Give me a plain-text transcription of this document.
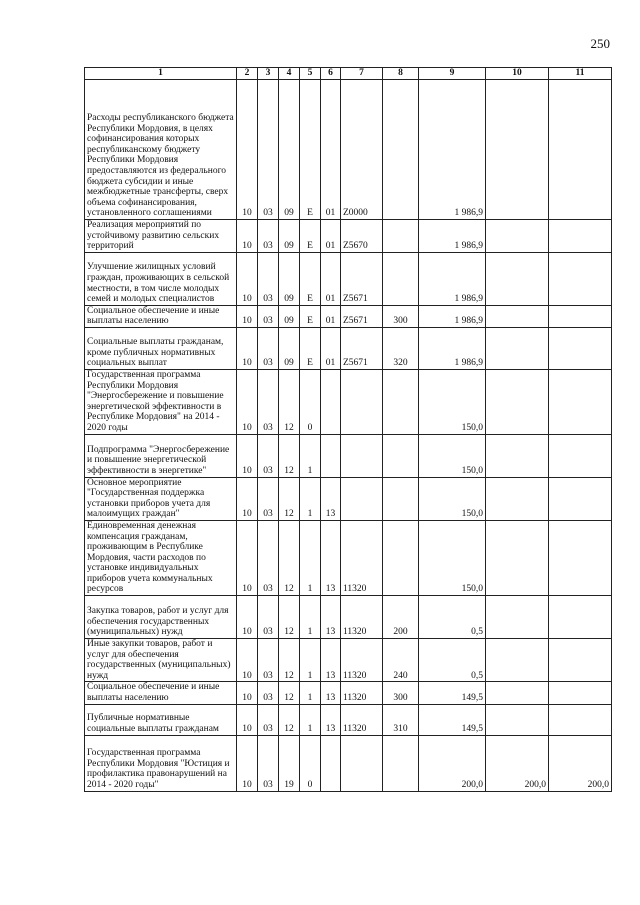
250
1	2	3	4	5	6	7	8	9	10	11
Расходы республиканского бюджета Республики Мордовия, в целях софинансирования которых республиканскому бюджету Республики Мордовия предоставляются из федерального бюджета субсидии и иные межбюджетные трансферты, сверх объема софинансирования, установленного соглашениями	10	03	09	Е	01	Z0000		1 986,9		
Реализация мероприятий по устойчивому развитию сельских территорий	10	03	09	Е	01	Z5670		1 986,9		
Улучшение жилищных условий граждан, проживающих в сельской местности, в том числе молодых семей и молодых специалистов	10	03	09	Е	01	Z5671		1 986,9		
Социальное обеспечение и иные выплаты населению	10	03	09	Е	01	Z5671	300	1 986,9		
Социальные выплаты гражданам, кроме публичных нормативных социальных выплат	10	03	09	Е	01	Z5671	320	1 986,9		
Государственная программа Республики Мордовия "Энергосбережение и повышение энергетической эффективности в Республике Мордовия" на 2014 - 2020 годы	10	03	12	0				150,0		
Подпрограмма "Энергосбережение и повышение энергетической эффективности в энергетике"	10	03	12	1				150,0		
Основное мероприятие "Государственная поддержка установки приборов учета для малоимущих граждан"	10	03	12	1	13			150,0		
Единовременная денежная компенсация гражданам, проживающим в Республике Мордовия, части расходов по установке индивидуальных приборов учета коммунальных ресурсов	10	03	12	1	13	11320		150,0		
Закупка товаров, работ и услуг для обеспечения государственных (муниципальных) нужд	10	03	12	1	13	11320	200	0,5		
Иные закупки товаров, работ и услуг для обеспечения государственных (муниципальных) нужд	10	03	12	1	13	11320	240	0,5		
Социальное обеспечение и иные выплаты населению	10	03	12	1	13	11320	300	149,5		
Публичные нормативные социальные выплаты гражданам	10	03	12	1	13	11320	310	149,5		
Государственная программа Республики Мордовия "Юстиция и профилактика правонарушений на 2014 - 2020 годы"	10	03	19	0				200,0	200,0	200,0
